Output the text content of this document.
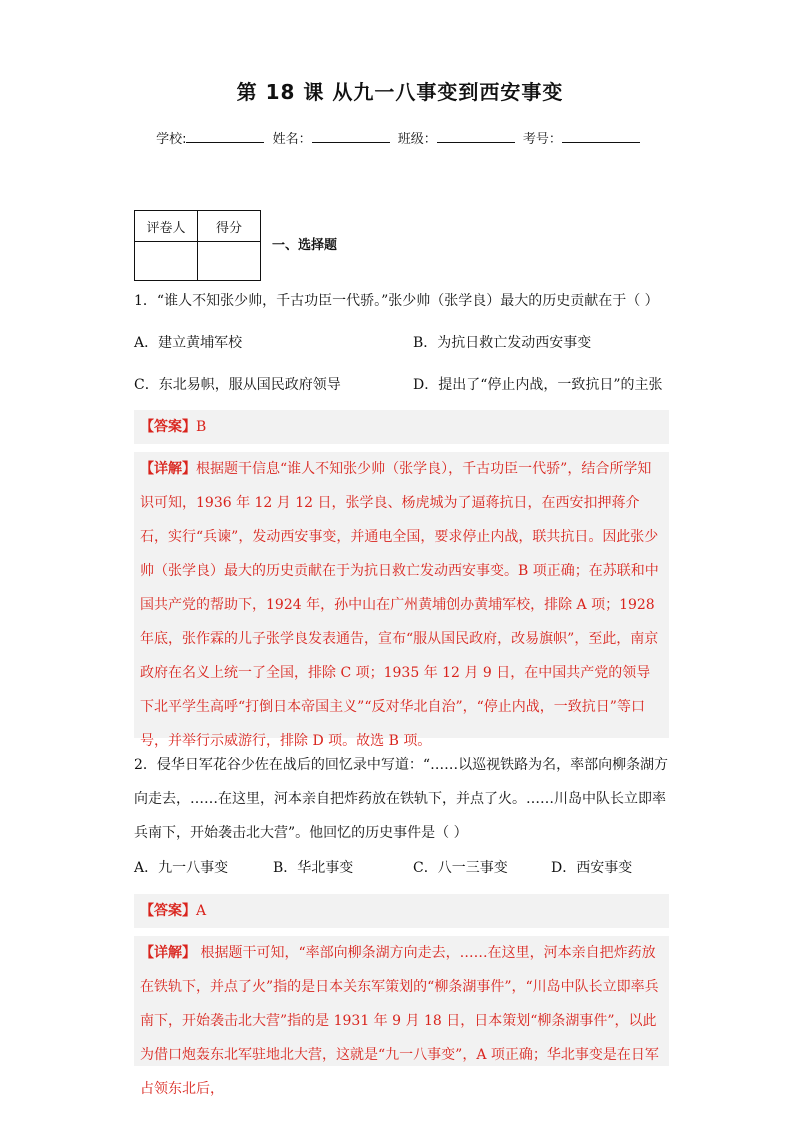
第 18 课 从九一八事变到西安事变
学校:	姓名：	班级：	考号：
评卷人	得分

一、选择题
1．“谁人不知张少帅，千古功臣一代骄。”张少帅（张学良）最大的历史贡献在于（ ）
A．建立黄埔军校	B．为抗日救亡发动西安事变
C．东北易帜，服从国民政府领导	D．提出了“停止内战，一致抗日”的主张
【答案】B
【详解】根据题干信息“谁人不知张少帅（张学良），千古功臣一代骄”，结合所学知识可知，1936 年 12 月 12 日，张学良、杨虎城为了逼蒋抗日，在西安扣押蒋介石，实行“兵谏”，发动西安事变，并通电全国，要求停止内战，联共抗日。因此张少帅（张学良）最大的历史贡献在于为抗日救亡发动西安事变。B 项正确；在苏联和中国共产党的帮助下，1924 年，孙中山在广州黄埔创办黄埔军校，排除 A 项；1928 年底，张作霖的儿子张学良发表通告，宣布“服从国民政府，改易旗帜”，至此，南京政府在名义上统一了全国，排除 C 项；1935 年 12 月 9 日，在中国共产党的领导下北平学生高呼“打倒日本帝国主义”“反对华北自治”，“停止内战，一致抗日”等口号，并举行示威游行，排除 D 项。故选 B 项。
2．侵华日军花谷少佐在战后的回忆录中写道：“……以巡视铁路为名，率部向柳条湖方向走去，……在这里，河本亲自把炸药放在铁轨下，并点了火。……川岛中队长立即率兵南下，开始袭击北大营”。他回忆的历史事件是（ ）
A．九一八事变	B．华北事变	C．八一三事变	D．西安事变
【答案】A
【详解】 根据题干可知，“率部向柳条湖方向走去，……在这里，河本亲自把炸药放在铁轨下，并点了火”指的是日本关东军策划的“柳条湖事件”，“川岛中队长立即率兵南下，开始袭击北大营”指的是 1931 年 9 月 18 日，日本策划“柳条湖事件”，以此为借口炮轰东北军驻地北大营，这就是“九一八事变”，A 项正确；华北事变是在日军占领东北后，
